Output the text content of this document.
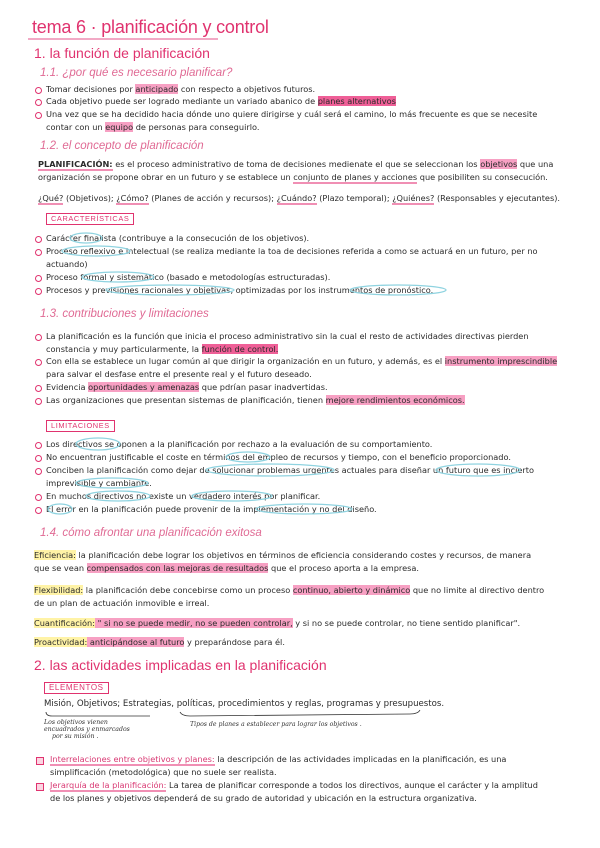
tema 6 · planificación y control
1. la función de planificación
1.1. ¿por qué es necesario planificar?
Tomar decisiones por anticipado con respecto a objetivos futuros.
Cada objetivo puede ser logrado mediante un variado abanico de planes alternativos
Una vez que se ha decidido hacia dónde uno quiere dirigirse y cuál será el camino, lo más frecuente es que se necesite
contar con un equipo de personas para conseguirlo.
1.2. el concepto de planificación
PLANIFICACIÓN: es el proceso administrativo de toma de decisiones medienate el que se seleccionan los objetivos que una
organización se propone obrar en un futuro y se establece un conjunto de planes y acciones que posibiliten su consecución.
¿Qué? (Objetivos); ¿Cómo? (Planes de acción y recursos); ¿Cuándo? (Plazo temporal); ¿Quiénes? (Responsables y ejecutantes).
CARACTERÍSTICAS
Carácter finalista (contribuye a la consecución de los objetivos).
Proceso reflexivo e intelectual (se realiza mediante la toa de decisiones referida a como se actuará en un futuro, per no
actuando)
Proceso formal y sistemático (basado e metodologías estructuradas).
Procesos y previsiones racionales y objetivas, optimizadas por los instrumentos de pronóstico.
1.3. contribuciones y limitaciones
La planificación es la función que inicia el proceso administrativo sin la cual el resto de actividades directivas pierden
constancia y muy particularmente, la función de control.
Con ella se establece un lugar común al que dirigir la organización en un futuro, y además, es el instrumento imprescindible
para salvar el desfase entre el presente real y el futuro deseado.
Evidencia oportunidades y amenazas que pdrían pasar inadvertidas.
Las organizaciones que presentan sistemas de planificación, tienen mejore rendimientos económicos.
LIMITACIONES
Los directivos se oponen a la planificación por rechazo a la evaluación de su comportamiento.
No encuentran justificable el coste en términos del empleo de recursos y tiempo, con el beneficio proporcionado.
Conciben la planificación como dejar de solucionar problemas urgentes actuales para diseñar un futuro que es incierto
imprevisible y cambiante.
En muchos directivos no existe un verdadero interés por planificar.
El error en la planificación puede provenir de la implementación y no del diseño.
1.4. cómo afrontar una planificación exitosa
Eficiencia: la planificación debe lograr los objetivos en términos de eficiencia considerando costes y recursos, de manera
que se vean compensados con las mejoras de resultados que el proceso aporta a la empresa.
Flexibilidad: la planificación debe concebirse como un proceso continuo, abierto y dinámico que no limite al directivo dentro
de un plan de actuación inmovible e irreal.
Cuantificación: " si no se puede medir, no se pueden controlar, y si no se puede controlar, no tiene sentido planificar".
Proactividad: anticipándose al futuro y preparándose para él.
2. las actividades implicadas en la planificación
ELEMENTOS
Misión, Objetivos; Estrategias, políticas, procedimientos y reglas, programas y presupuestos.
Los objetivos vienen
encuadrados y enmarcados
por su misión .
Tipos de planes a establecer para lograr los objetivos .
Interrelaciones entre objetivos y planes: la descripción de las actividades implicadas en la planificación, es una
simplificación (metodológica) que no suele ser realista.
Jerarquía de la planificación: La tarea de planificar corresponde a todos los directivos, aunque el carácter y la amplitud
de los planes y objetivos dependerá de su grado de autoridad y ubicación en la estructura organizativa.
